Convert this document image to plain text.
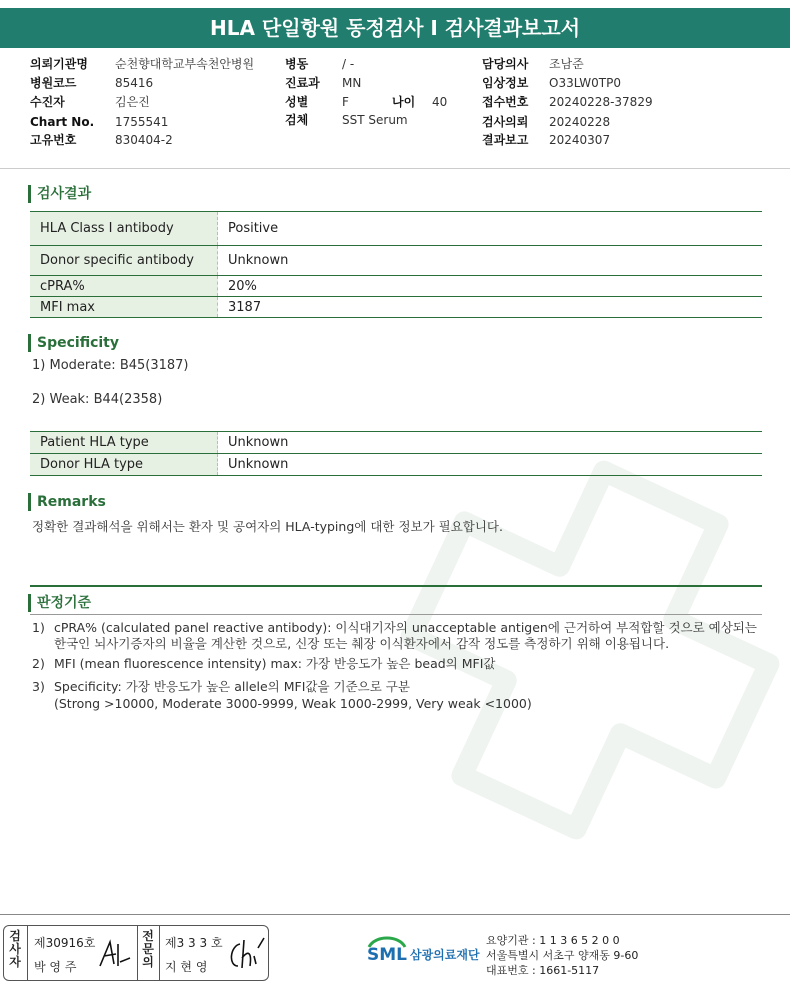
HLA 단일항원 동정검사 I 검사결과보고서
의뢰기관명 순천향대학교부속천안병원
병원코드	85416
수진자	김은진
Chart No. 1755541
고유번호	830404-2
병동	/ -
진료과 MN
성별	F	나이 40
검체	SST Serum
담당의사 조남준
임상정보 O33LW0TP0
접수번호 20240228-37829
검사의뢰 20240228
결과보고 20240307
검사결과
HLA Class I antibody	Positive
Donor specific antibody	Unknown
cPRA%	20%
MFI max	3187
Specificity
1) Moderate: B45(3187)
2) Weak: B44(2358)
Patient HLA type	Unknown
Donor HLA type	Unknown
Remarks
정확한 결과해석을 위해서는 환자 및 공여자의 HLA-typing에 대한 정보가 필요합니다.
판정기준
1) cPRA% (calculated panel reactive antibody): 이식대기자의 unacceptable antigen에 근거하여 부적합할 것으로 예상되는
한국인 뇌사기증자의 비율을 계산한 것으로, 신장 또는 췌장 이식환자에서 감작 정도를 측정하기 위해 이용됩니다.
2) MFI (mean fluorescence intensity) max: 가장 반응도가 높은 bead의 MFI값
3) Specificity: 가장 반응도가 높은 allele의 MFI값을 기준으로 구분
(Strong >10000, Moderate 3000-9999, Weak 1000-2999, Very weak <1000)
검사자
제30916호
박 영 주
전문의
제3 3 3 호
지 현 영
SML 삼광의료재단
요양기관 : 1 1 3 6 5 2 0 0
서울특별시 서초구 양재동 9-60
대표번호 : 1661-5117
